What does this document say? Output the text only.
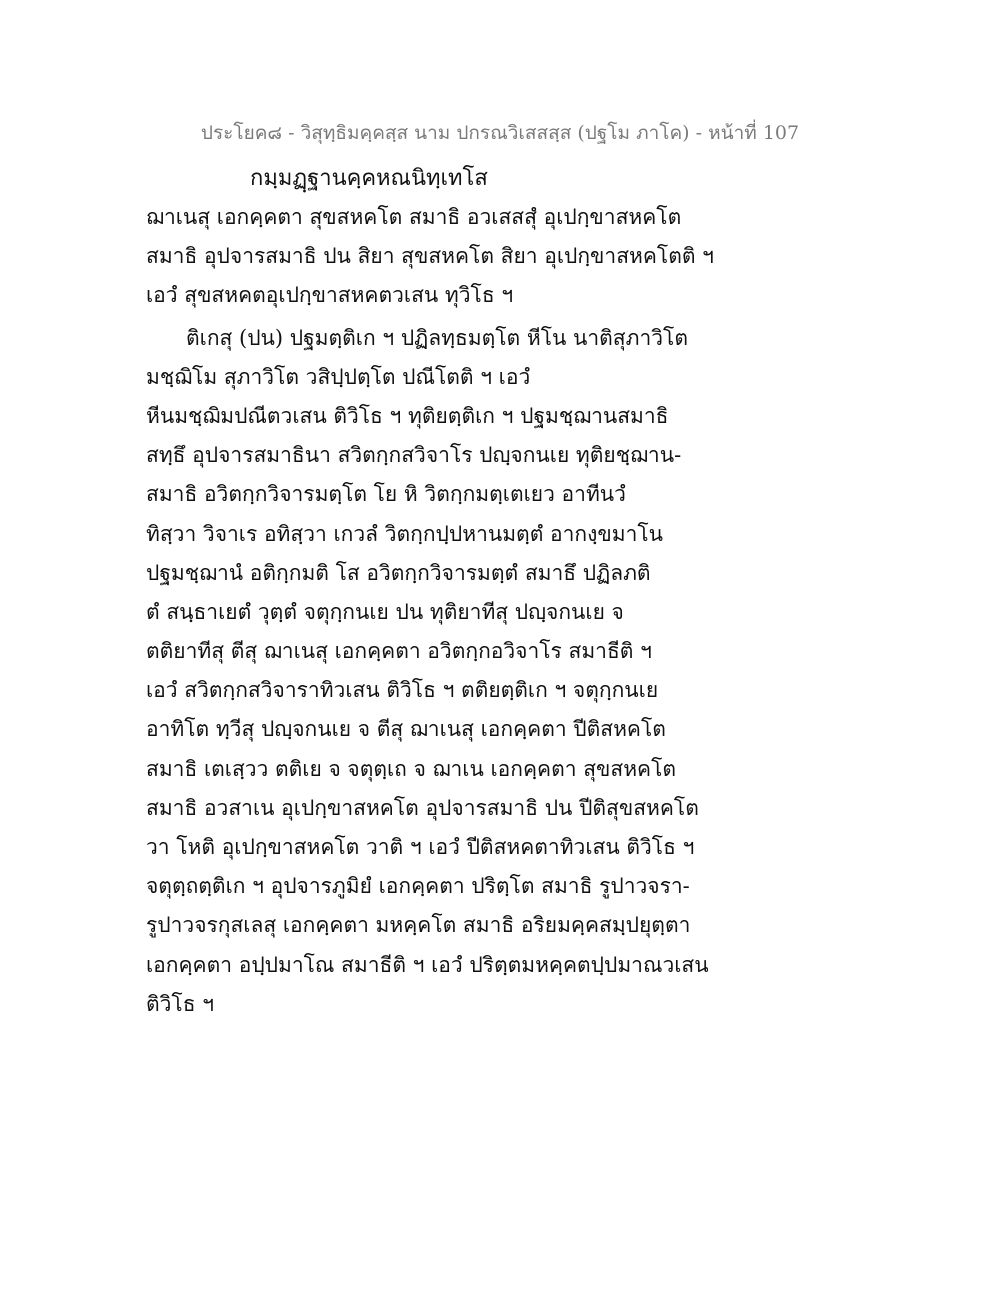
ประโยค๘ - วิสุทฺธิมคฺคสฺส นาม ปกรณวิเสสสฺส (ปฐโม ภาโค) - หน้าที่ 107
กมฺมฏฺฐานคฺคหณนิทฺเทโส
ฌาเนสุ เอกคฺคตา สุขสหคโต สมาธิ อวเสสสุํ อุเปกฺขาสหคโต
สมาธิ อุปจารสมาธิ ปน สิยา สุขสหคโต สิยา อุเปกฺขาสหคโตติ ฯ
เอวํ สุขสหคตอุเปกฺขาสหคตวเสน ทุวิโธ ฯ
ติเกสุ (ปน) ปฐมตฺติเก ฯ ปฏิลทฺธมตฺโต หีโน นาติสุภาวิโต
มชฺฌิโม สุภาวิโต วสิปฺปตฺโต ปณีโตติ ฯ เอวํ
หีนมชฺฌิมปณีตวเสน ติวิโธ ฯ ทุติยตฺติเก ฯ ปฐมชฺฌานสมาธิ
สทฺธึ อุปจารสมาธินา สวิตกฺกสวิจาโร ปญฺจกนเย ทุติยชฺฌาน-
สมาธิ อวิตกฺกวิจารมตฺโต โย หิ วิตกฺกมตฺเตเยว อาทีนวํ
ทิสฺวา วิจาเร อทิสฺวา เกวลํ วิตกฺกปฺปหานมตฺตํ อากงฺขมาโน
ปฐมชฺฌานํ อติกฺกมติ โส อวิตกฺกวิจารมตฺตํ สมาธึ ปฏิลภติ
ตํ สนฺธาเยตํ วุตฺตํ จตุกฺกนเย ปน ทุติยาทีสุ ปญฺจกนเย จ
ตติยาทีสุ ตีสุ ฌาเนสุ เอกคฺคตา อวิตกฺกอวิจาโร สมาธีติ ฯ
เอวํ สวิตกฺกสวิจาราทิวเสน ติวิโธ ฯ ตติยตฺติเก ฯ จตุกฺกนเย
อาทิโต ทฺวีสุ ปญฺจกนเย จ ตีสุ ฌาเนสุ เอกคฺคตา ปีติสหคโต
สมาธิ เตเสฺวว ตติเย จ จตุตฺเถ จ ฌาเน เอกคฺคตา สุขสหคโต
สมาธิ อวสาเน อุเปกฺขาสหคโต อุปจารสมาธิ ปน ปีติสุขสหคโต
วา โหติ อุเปกฺขาสหคโต วาติ ฯ เอวํ ปีติสหคตาทิวเสน ติวิโธ ฯ
จตุตฺถตฺติเก ฯ อุปจารภูมิยํ เอกคฺคตา ปริตฺโต สมาธิ รูปาวจรา-
รูปาวจรกุสเลสุ เอกคฺคตา มหคฺคโต สมาธิ อริยมคฺคสมฺปยุตฺตา
เอกคฺคตา อปฺปมาโณ สมาธีติ ฯ เอวํ ปริตฺตมหคฺคตปฺปมาณวเสน
ติวิโธ ฯ
